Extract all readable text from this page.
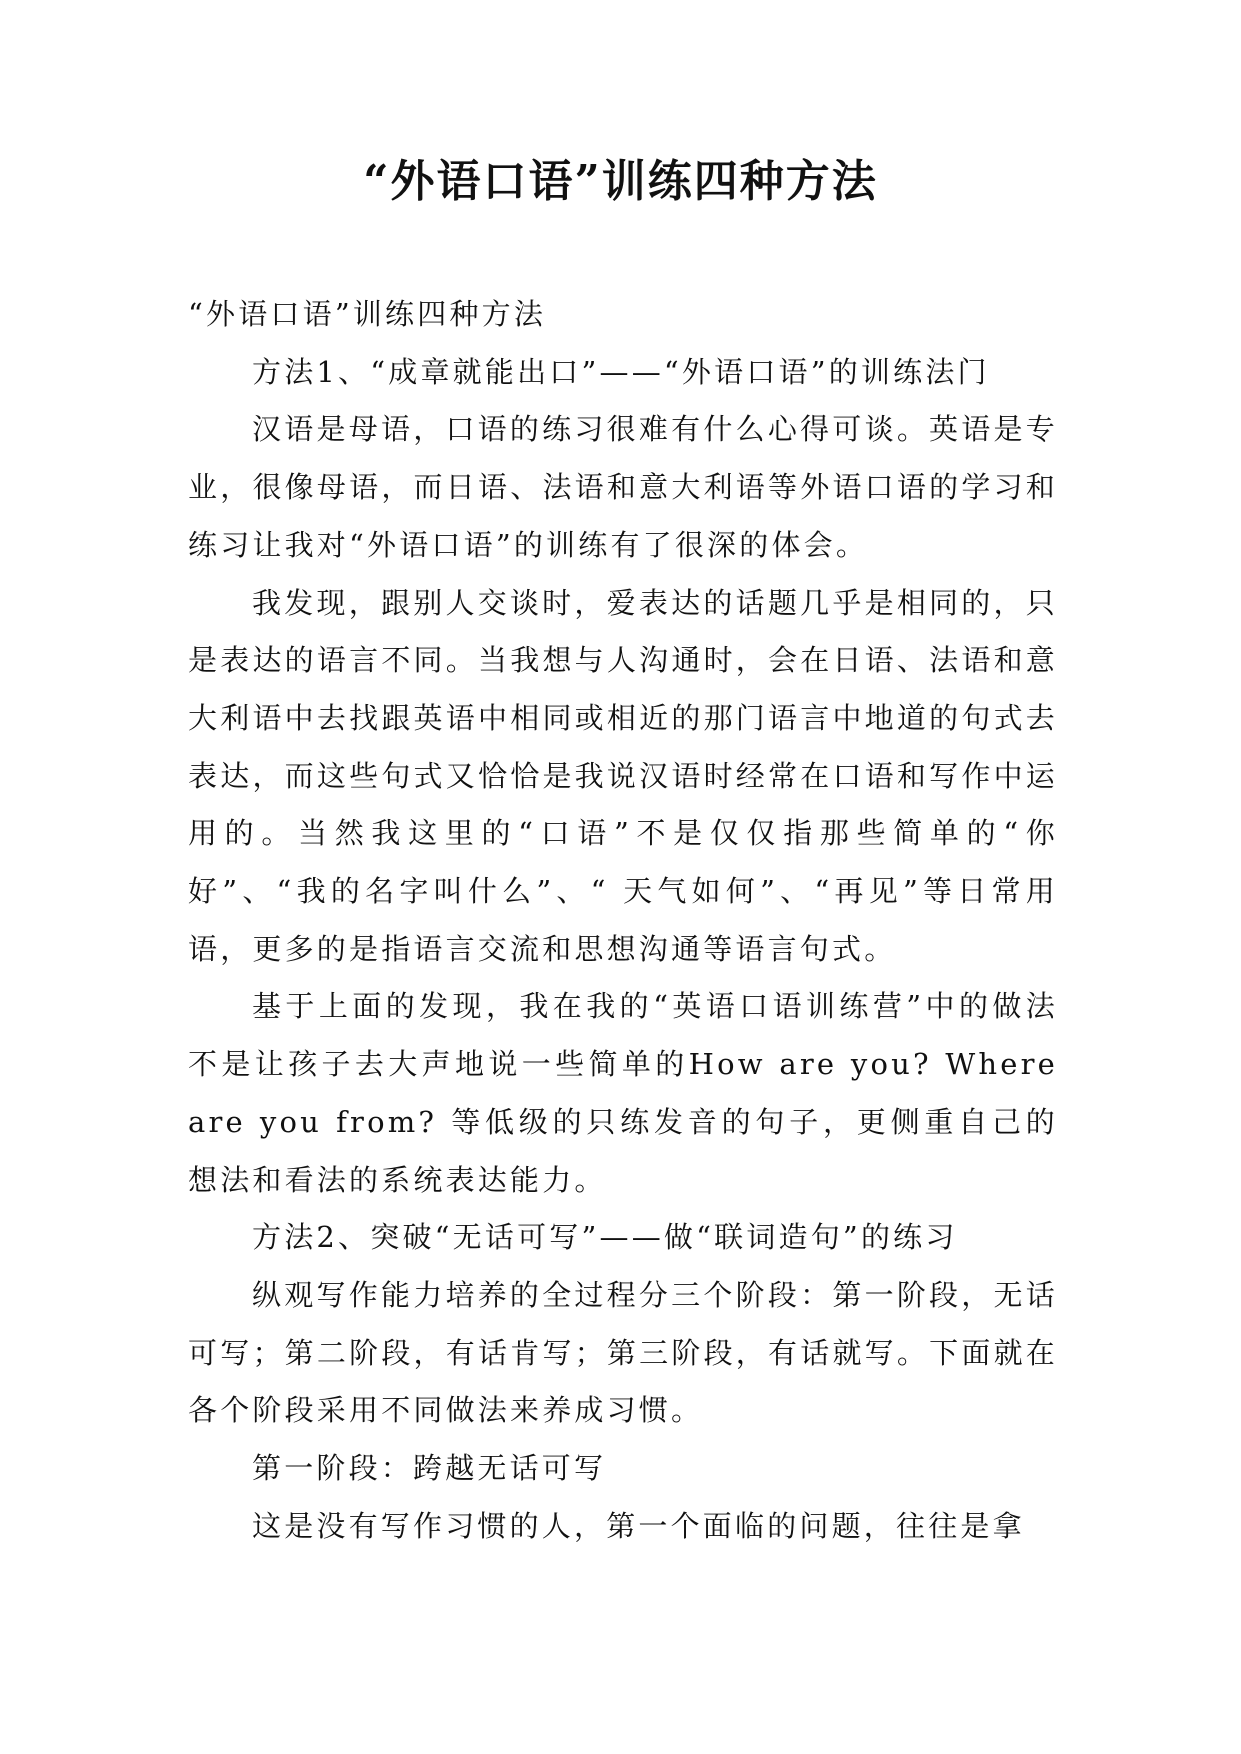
“外语口语”训练四种方法

“外语口语”训练四种方法

方法1、“成章就能出口”——“外语口语”的训练法门

汉语是母语，口语的练习很难有什么心得可谈。英语是专业，很像母语，而日语、法语和意大利语等外语口语的学习和练习让我对“外语口语”的训练有了很深的体会。

我发现，跟别人交谈时，爱表达的话题几乎是相同的，只是表达的语言不同。当我想与人沟通时，会在日语、法语和意大利语中去找跟英语中相同或相近的那门语言中地道的句式去表达，而这些句式又恰恰是我说汉语时经常在口语和写作中运用的。当然我这里的“口语”不是仅仅指那些简单的“你好”、“我的名字叫什么”、“ 天气如何”、“再见”等日常用语，更多的是指语言交流和思想沟通等语言句式。

基于上面的发现，我在我的“英语口语训练营”中的做法不是让孩子去大声地说一些简单的How are you? Where are you from? 等低级的只练发音的句子，更侧重自己的想法和看法的系统表达能力。

方法2、突破“无话可写”——做“联词造句”的练习

纵观写作能力培养的全过程分三个阶段：第一阶段，无话可写；第二阶段，有话肯写；第三阶段，有话就写。下面就在各个阶段采用不同做法来养成习惯。

第一阶段：跨越无话可写

这是没有写作习惯的人，第一个面临的问题，往往是拿
